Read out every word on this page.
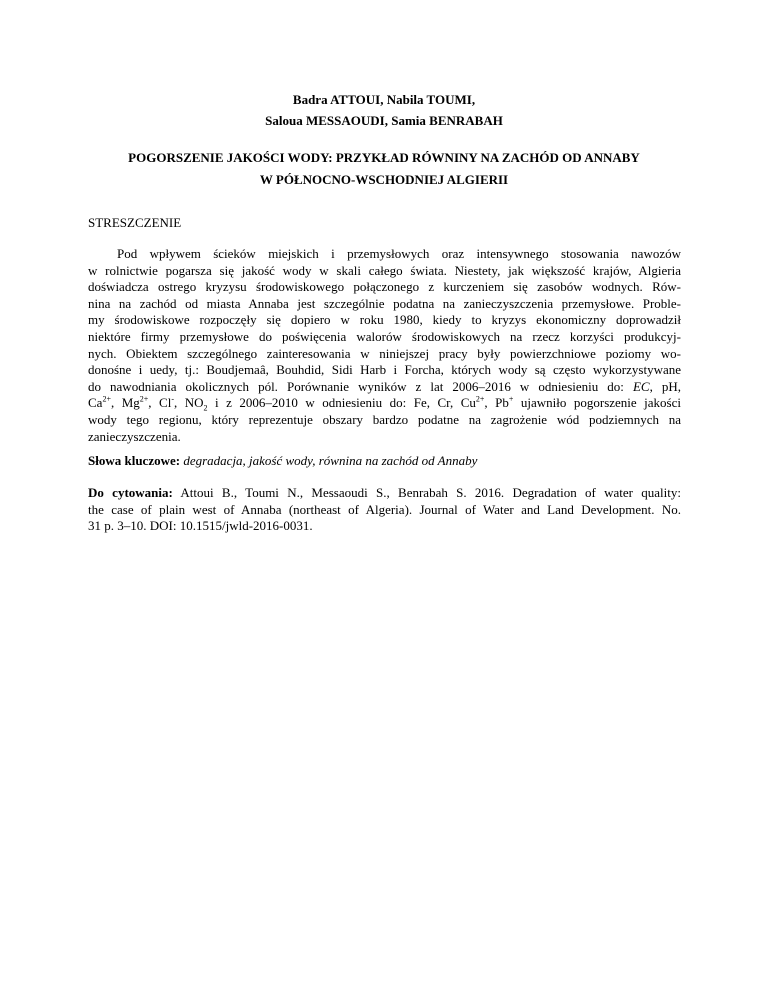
Badra ATTOUI, Nabila TOUMI,
Saloua MESSAOUDI, Samia BENRABAH
POGORSZENIE JAKOŚCI WODY: PRZYKŁAD RÓWNINY NA ZACHÓD OD ANNABY
W PÓŁNOCNO-WSCHODNIEJ ALGIERII
STRESZCZENIE
Pod wpływem ścieków miejskich i przemysłowych oraz intensywnego stosowania nawozów
w rolnictwie pogarsza się jakość wody w skali całego świata. Niestety, jak większość krajów, Algieria
doświadcza ostrego kryzysu środowiskowego połączonego z kurczeniem się zasobów wodnych. Rów-
nina na zachód od miasta Annaba jest szczególnie podatna na zanieczyszczenia przemysłowe. Proble-
my środowiskowe rozpoczęły się dopiero w roku 1980, kiedy to kryzys ekonomiczny doprowadził
niektóre firmy przemysłowe do poświęcenia walorów środowiskowych na rzecz korzyści produkcyj-
nych. Obiektem szczególnego zainteresowania w niniejszej pracy były powierzchniowe poziomy wo-
donośne i uedy, tj.: Boudjemaâ, Bouhdid, Sidi Harb i Forcha, których wody są często wykorzystywane
do nawodniania okolicznych pól. Porównanie wyników z lat 2006–2016 w odniesieniu do: EC, pH,
$Ca^{2+}$, $Mg^{2+}$, Cl-, $NO_2$ i z 2006–2010 w odniesieniu do: Fe, Cr, $Cu^{2+}$, Pb+ ujawniło pogorszenie jakości
wody tego regionu, który reprezentuje obszary bardzo podatne na zagrożenie wód podziemnych na
zanieczyszczenia.
Słowa kluczowe: degradacja, jakość wody, równina na zachód od Annaby
Do cytowania: Attoui B., Toumi N., Messaoudi S., Benrabah S. 2016. Degradation of water quality:
the case of plain west of Annaba (northeast of Algeria). Journal of Water and Land Development. No.
31 p. 3–10. DOI: 10.1515/jwld-2016-0031.
